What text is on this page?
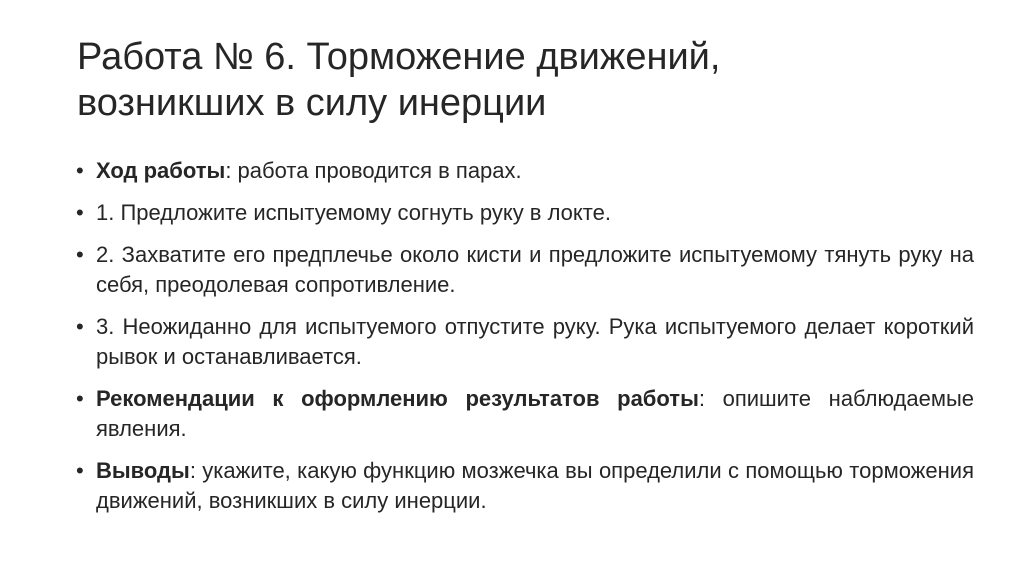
Работа № 6. Торможение движений,
возникших в силу инерции
• Ход работы: работа проводится в парах.
• 1. Предложите испытуемому согнуть руку в локте.
• 2. Захватите его предплечье около кисти и предложите испытуемому тянуть руку на себя, преодолевая сопротивление.
• 3. Неожиданно для испытуемого отпустите руку. Рука испытуемого делает короткий рывок и останавливается.
• Рекомендации к оформлению результатов работы: опишите наблюдаемые явления.
• Выводы: укажите, какую функцию мозжечка вы определили с помощью торможения движений, возникших в силу инерции.
